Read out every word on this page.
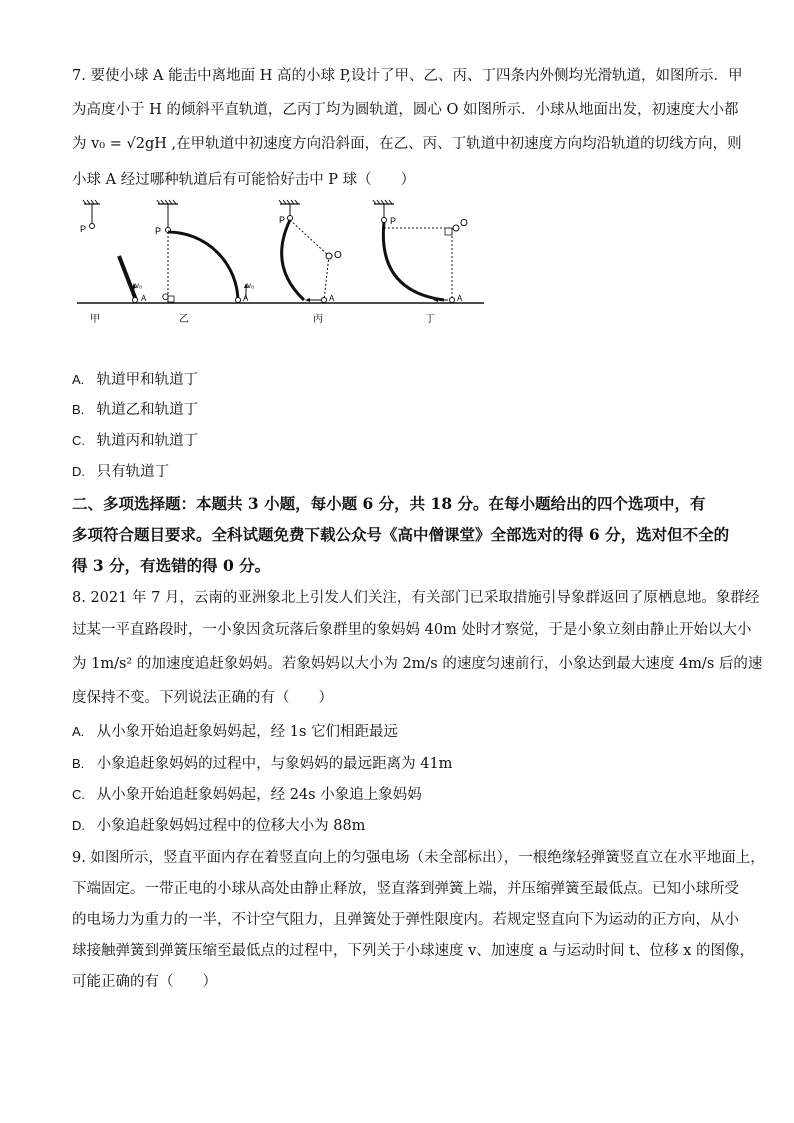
7. 要使小球 A 能击中离地面 H 高的小球 P,设计了甲、乙、丙、丁四条内外侧均光滑轨道，如图所示．甲
为高度小于 H 的倾斜平直轨道，乙丙丁均为圆轨道，圆心 O 如图所示．小球从地面出发，初速度大小都
为 v₀ = √2gH ,在甲轨道中初速度方向沿斜面，在乙、丙、丁轨道中初速度方向均沿轨道的切线方向，则
小球 A 经过哪种轨道后有可能恰好击中 P 球（　　）
P
v₀
A
甲
P
O
v₀
A
乙
P
O
A
丙
P	O
A
丁
A. 轨道甲和轨道丁
B. 轨道乙和轨道丁
C. 轨道丙和轨道丁
D. 只有轨道丁
二、多项选择题：本题共 3 小题，每小题 6 分，共 18 分。在每小题给出的四个选项中，有
多项符合题目要求。全科试题免费下载公众号《高中僧课堂》全部选对的得 6 分，选对但不全的
得 3 分，有选错的得 0 分。
8. 2021 年 7 月，云南的亚洲象北上引发人们关注，有关部门已采取措施引导象群返回了原栖息地。象群经
过某一平直路段时，一小象因贪玩落后象群里的象妈妈 40m 处时才察觉，于是小象立刻由静止开始以大小
为 1m/s² 的加速度追赶象妈妈。若象妈妈以大小为 2m/s 的速度匀速前行，小象达到最大速度 4m/s 后的速
度保持不变。下列说法正确的有（　　）
A. 从小象开始追赶象妈妈起，经 1s 它们相距最远
B. 小象追赶象妈妈的过程中，与象妈妈的最远距离为 41m
C. 从小象开始追赶象妈妈起，经 24s 小象追上象妈妈
D. 小象追赶象妈妈过程中的位移大小为 88m
9. 如图所示，竖直平面内存在着竖直向上的匀强电场（未全部标出），一根绝缘轻弹簧竖直立在水平地面上，
下端固定。一带正电的小球从高处由静止释放，竖直落到弹簧上端，并压缩弹簧至最低点。已知小球所受
的电场力为重力的一半，不计空气阻力，且弹簧处于弹性限度内。若规定竖直向下为运动的正方向，从小
球接触弹簧到弹簧压缩至最低点的过程中，下列关于小球速度 v、加速度 a 与运动时间 t、位移 x 的图像，
可能正确的有（　　）
